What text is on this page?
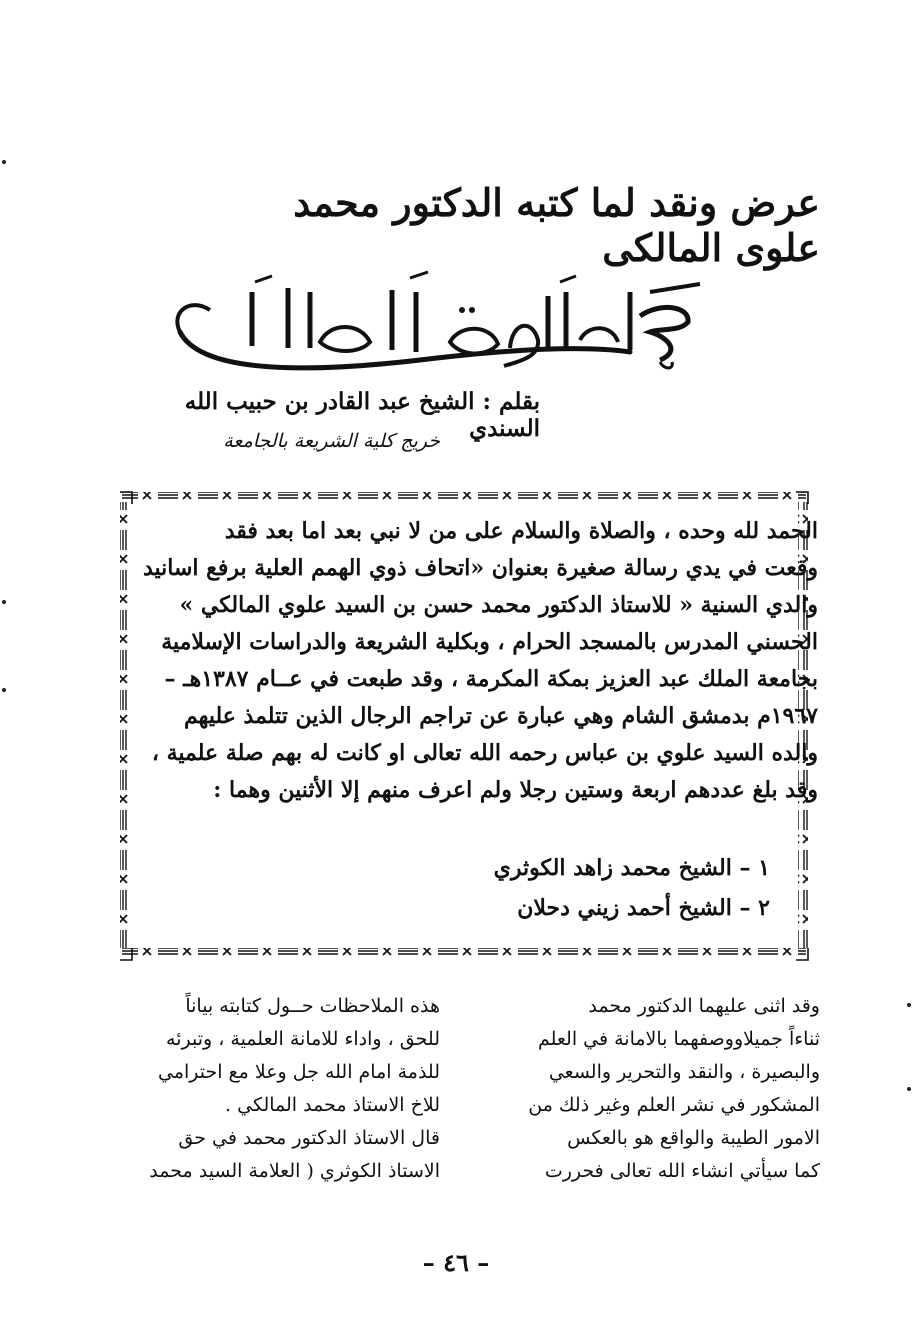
عرض ونقد لما كتبه الدكتور محمد علوى المالكى
بقلم : الشيخ عبد القادر بن حبيب الله السندي
خريج كلية الشريعة بالجامعة
الحمد لله وحده ، والصلاة والسلام على من لا نبي بعد اما بعد فقد
وقعت في يدي رسالة صغيرة بعنوان «اتحاف ذوي الهمم العلية برفع اسانيد
والدي السنية « للاستاذ الدكتور محمد حسن بن السيد علوي المالكي »
الحسني المدرس بالمسجد الحرام ، وبكلية الشريعة والدراسات الإسلامية
بجامعة الملك عبد العزيز بمكة المكرمة ، وقد طبعت في عــام ١٣٨٧هـ –
١٩٦٧م بدمشق الشام وهي عبارة عن تراجم الرجال الذين تتلمذ عليهم
والده السيد علوي بن عباس رحمه الله تعالى او كانت له بهم صلة علمية ،
وقد بلغ عددهم اربعة وستين رجلا ولم اعرف منهم إلا الأثنين وهما :
١ – الشيخ محمد زاهد الكوثري
٢ – الشيخ أحمد زيني دحلان
وقد اثنى عليهما الدكتور محمد
ثناءاً جميلاووصفهما بالامانة في العلم
والبصيرة ، والنقد والتحرير والسعي
المشكور في نشر العلم وغير ذلك من
الامور الطيبة والواقع هو بالعكس
كما سيأتي انشاء الله تعالى فحررت
هذه الملاحظات حــول كتابته بياناً
للحق ، واداء للامانة العلمية ، وتبرئه
للذمة امام الله جل وعلا مع احترامي
للاخ الاستاذ محمد المالكي .
قال الاستاذ الدكتور محمد في حق
الاستاذ الكوثري ( العلامة السيد محمد
– ٤٦ –
